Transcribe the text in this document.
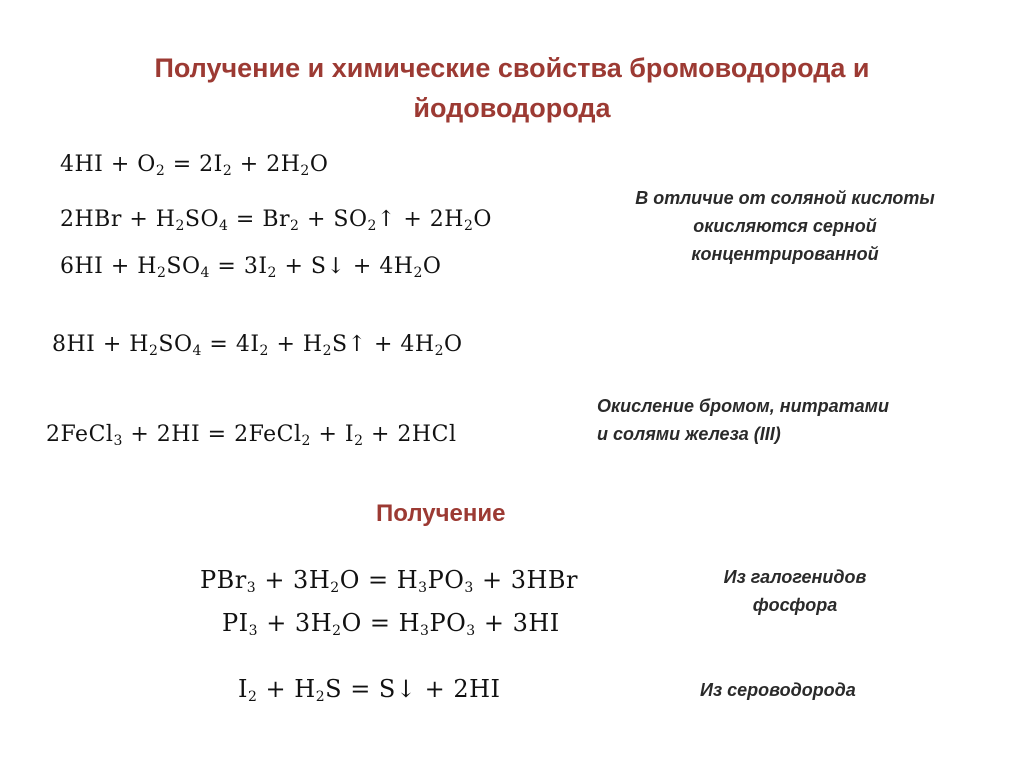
Получение и химические свойства бромоводорода и
йодоводорода
$4HI + O_2 = 2I_2 + 2H_2O$
$2HBr + H_2SO_4 = Br_2$ + $SO_2↑ + 2H_2O$
$6HI + H_2SO_4 = 3I_2$ + S↓ + $4H_2O$
$8HI + H_2SO_4 = 4I_2$ + $H_2S↑ + 4H_2O$
2FeCl$_3$ + 2HI = 2FeCl$_2$ + $I_2 + 2HCl$
В отличие от соляной кислоты
окисляются серной
концентрированной
Окисление бромом, нитратами
и солями железа (III)
Получение
$PBr_3 + 3H_2O = H_3PO_3 + 3HBr$
$PI_3 + 3H_2O = H_3PO_3 + 3HI$
$I_2 + H_2S$ = S↓ + 2HI
Из галогенидов
фосфора
Из сероводорода
